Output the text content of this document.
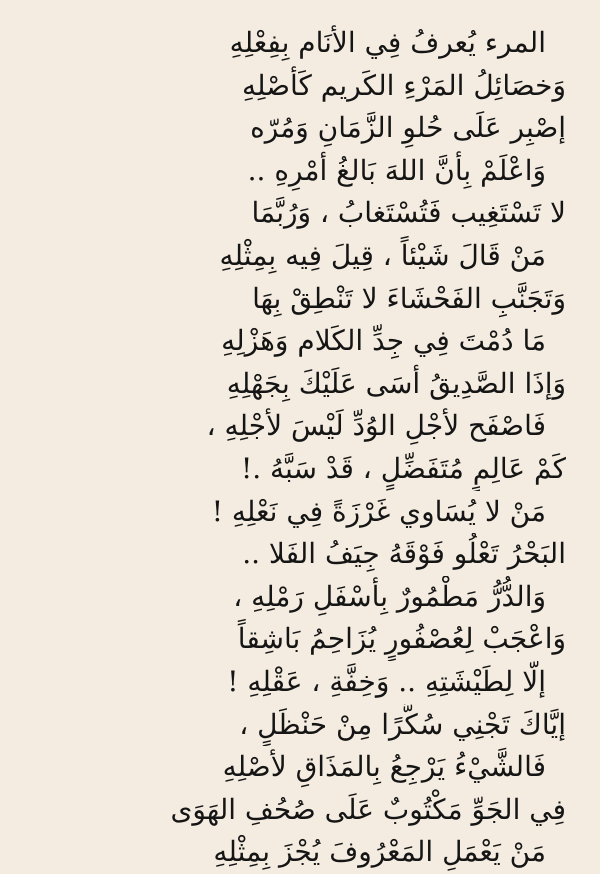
المرء يُعرفُ فِي الأنَام بِفِعْلِهِ
وَخصَائِلُ المَرْءِ الكَريم كَأصْلِهِ
إصْبِر عَلَى حُلوِ الزَّمَانِ وَمُرّه
وَاعْلَمْ بِأنَّ اللهَ بَالغُ أمْرِهِ ..
لا تَسْتَغِيب فَتُسْتَغابُ ، وَرُبَّمَا
مَنْ قَالَ شَيْئاً ، قِيلَ فِيه بِمِثْلِهِ
وَتَجَنَّبِ الفَحْشَاءَ لا تَنْطِقْ بِهَا
مَا دُمْتَ فِي جِدِّ الكَلام وَهَزْلِهِ
وَإذَا الصَّدِيقُ أسَى عَلَيْكَ بِجَهْلِهِ
فَاصْفَح لأجْلِ الوُدِّ لَيْسَ لأجْلِهِ ،
كَمْ عَالِمٍ مُتَفَضِّلٍ ، قَدْ سَبَّهُ .!
مَنْ لا يُسَاوي غَرْزَةً فِي نَعْلِهِ !
البَحْرُ تَعْلُو فَوْقَهُ جِيَفُ الفَلا ..
وَالدُّرُّ مَطْمُورٌ بِأسْفَلِ رَمْلِهِ ،
وَاعْجَبْ لِعُصْفُورٍ يُزَاحِمُ بَاشِقاً
إلّا لِطَيْشَتِهِ .. وَخِفَّةِ ، عَقْلِهِ !
إيَّاكَ تَجْنِي سُكَّرًا مِنْ حَنْظَلٍ ،
فَالشَّيْءُ يَرْجِعُ بِالمَذَاقِ لأصْلِهِ
فِي الجَوِّ مَكْتُوبٌ عَلَى صُحُفِ الهَوَى
مَنْ يَعْمَلِ المَعْرُوفَ يُجْزَ بِمِثْلِهِ
